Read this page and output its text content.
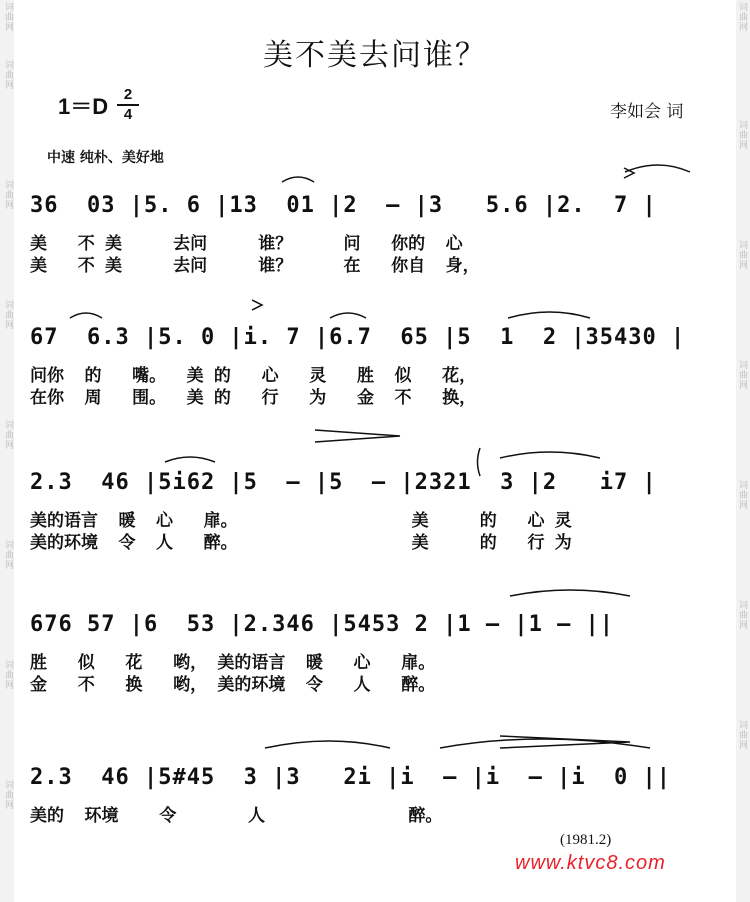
词曲网
词曲网
词曲网
词曲网
词曲网
词曲网
词曲网
词曲网
词曲网
词曲网
词曲网
词曲网
词曲网
词曲网
词曲网
美不美去问谁？
1＝D	2
4	李如会 词
中速 纯朴、美好地
36  03 |5. 6 |13  01 |2  — |3   5.6 |2.  7 |
美   不 美     去问     谁？     问   你的  心
美   不 美     去问     谁？     在   你自  身，
67  6.3 |5. 0 |i. 7 |6.7  65 |5  1  2 |35430 |
问你  的   嘴。  美 的   心   灵   胜  似   花，
在你  周   围。  美 的   行   为   金  不   换，
2.3  46 |5i62 |5  — |5  — |2321  3 |2   i7 |
美的语言  暖  心   扉。                 美     的   心 灵
美的环境  令  人   醉。                 美     的   行 为
676 57 |6  53 |2.346 |5453 2 |1 — |1 — ||
胜   似   花   哟， 美的语言  暖   心   扉。
金   不   换   哟， 美的环境  令   人   醉。
2.3  46 |5#45  3 |3   2i |i  — |i  — |i  0 ||
美的  环境    令       人              醉。
(1981.2)
www.ktvc8.com
